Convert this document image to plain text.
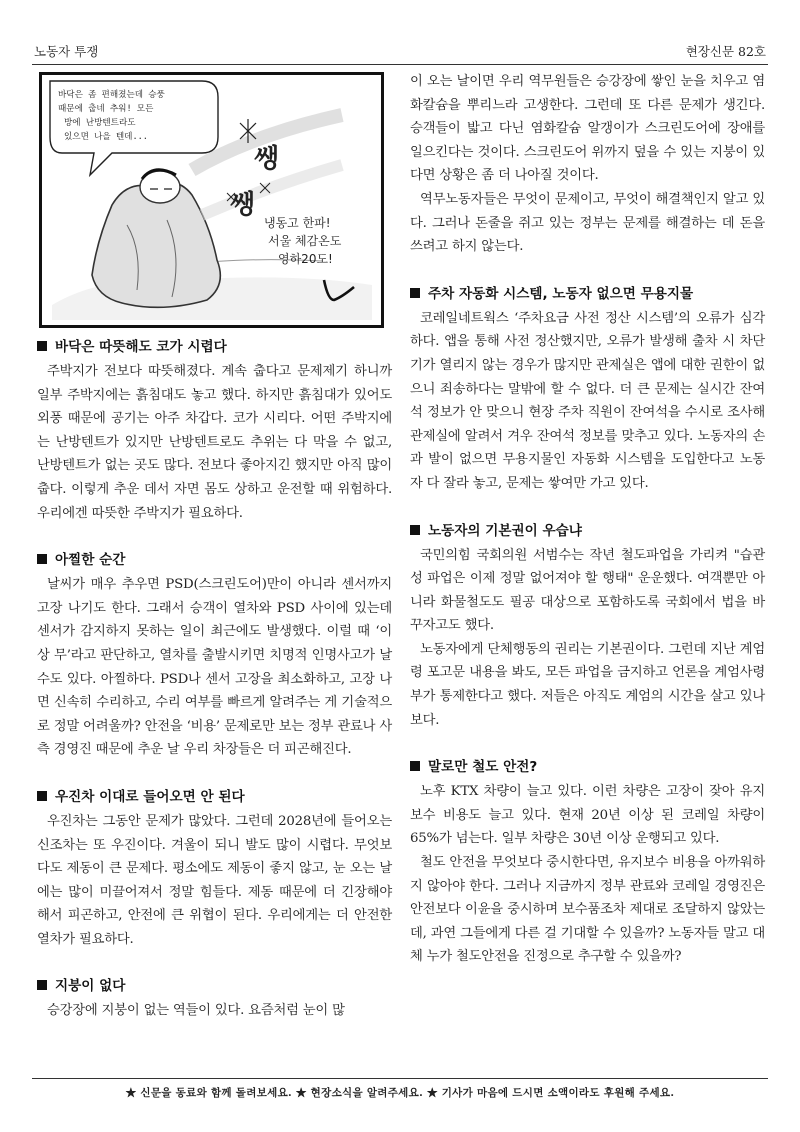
노동자 투쟁	현장신문 82호
바닥은 좀 편해졌는데 승풍
때문에 춥네 추워! 모든
방에 난방텐트라도
있으면 나을 텐데...
쌩
쌩
냉동고 한파!
서울 체감온도
영하20도!
바닥은 따뜻해도 코가 시렵다

주박지가 전보다 따뜻해졌다. 계속 춥다고 문제제기 하니까 일부 주박지에는 흙침대도 놓고 했다. 하지만 흙침대가 있어도 외풍 때문에 공기는 아주 차갑다. 코가 시리다. 어떤 주박지에는 난방텐트가 있지만 난방텐트로도 추위는 다 막을 수 없고, 난방텐트가 없는 곳도 많다. 전보다 좋아지긴 했지만 아직 많이 춥다. 이렇게 추운 데서 자면 몸도 상하고 운전할 때 위험하다. 우리에겐 따뜻한 주박지가 필요하다.

아찔한 순간

날씨가 매우 추우면 PSD(스크린도어)만이 아니라 센서까지 고장 나기도 한다. 그래서 승객이 열차와 PSD 사이에 있는데 센서가 감지하지 못하는 일이 최근에도 발생했다. 이럴 때 ‘이상 무’라고 판단하고, 열차를 출발시키면 치명적 인명사고가 날 수도 있다. 아찔하다. PSD나 센서 고장을 최소화하고, 고장 나면 신속히 수리하고, 수리 여부를 빠르게 알려주는 게 기술적으로 정말 어려울까? 안전을 ‘비용’ 문제로만 보는 정부 관료나 사측 경영진 때문에 추운 날 우리 차장들은 더 피곤해진다.

우진차 이대로 들어오면 안 된다

우진차는 그동안 문제가 많았다. 그런데 2028년에 들어오는 신조차는 또 우진이다. 겨울이 되니 발도 많이 시렵다. 무엇보다도 제동이 큰 문제다. 평소에도 제동이 좋지 않고, 눈 오는 날에는 많이 미끌어져서 정말 힘들다. 제동 때문에 더 긴장해야 해서 피곤하고, 안전에 큰 위협이 된다. 우리에게는 더 안전한 열차가 필요하다.

지붕이 없다

승강장에 지붕이 없는 역들이 있다. 요즘처럼 눈이 많

이 오는 날이면 우리 역무원들은 승강장에 쌓인 눈을 치우고 염화칼슘을 뿌리느라 고생한다. 그런데 또 다른 문제가 생긴다. 승객들이 밟고 다닌 염화칼슘 알갱이가 스크린도어에 장애를 일으킨다는 것이다. 스크린도어 위까지 덮을 수 있는 지붕이 있다면 상황은 좀 더 나아질 것이다.

역무노동자들은 무엇이 문제이고, 무엇이 해결책인지 알고 있다. 그러나 돈줄을 쥐고 있는 정부는 문제를 해결하는 데 돈을 쓰려고 하지 않는다.

주차 자동화 시스템, 노동자 없으면 무용지물

코레일네트웍스 ‘주차요금 사전 정산 시스템’의 오류가 심각하다. 앱을 통해 사전 정산했지만, 오류가 발생해 출차 시 차단기가 열리지 않는 경우가 많지만 관제실은 앱에 대한 권한이 없으니 죄송하다는 말밖에 할 수 없다. 더 큰 문제는 실시간 잔여석 정보가 안 맞으니 현장 주차 직원이 잔여석을 수시로 조사해 관제실에 알려서 겨우 잔여석 정보를 맞추고 있다. 노동자의 손과 발이 없으면 무용지물인 자동화 시스템을 도입한다고 노동자 다 잘라 놓고, 문제는 쌓여만 가고 있다.

노동자의 기본권이 우습냐

국민의힘 국회의원 서범수는 작년 철도파업을 가리켜 "습관성 파업은 이제 정말 없어져야 할 행태" 운운했다. 여객뿐만 아니라 화물철도도 필공 대상으로 포함하도록 국회에서 법을 바꾸자고도 했다.

노동자에게 단체행동의 권리는 기본권이다. 그런데 지난 계엄령 포고문 내용을 봐도, 모든 파업을 금지하고 언론을 계엄사령부가 통제한다고 했다. 저들은 아직도 계엄의 시간을 살고 있나 보다.

말로만 철도 안전?

노후 KTX 차량이 늘고 있다. 이런 차량은 고장이 잦아 유지보수 비용도 늘고 있다. 현재 20년 이상 된 코레일 차량이 65%가 넘는다. 일부 차량은 30년 이상 운행되고 있다.

철도 안전을 무엇보다 중시한다면, 유지보수 비용을 아까워하지 않아야 한다. 그러나 지금까지 정부 관료와 코레일 경영진은 안전보다 이윤을 중시하며 보수품조차 제대로 조달하지 않았는데, 과연 그들에게 다른 걸 기대할 수 있을까? 노동자들 말고 대체 누가 철도안전을 진정으로 추구할 수 있을까?

★ 신문을 동료와 함께 돌려보세요. ★ 현장소식을 알려주세요. ★ 기사가 마음에 드시면 소액이라도 후원해 주세요.
